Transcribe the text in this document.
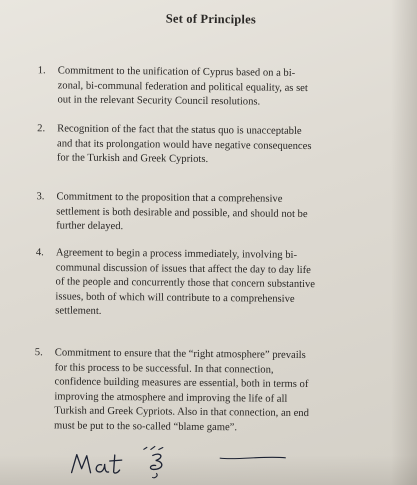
Set of Principles
1.	Commitment to the unification of Cyprus based on a bi-
zonal, bi-communal federation and political equality, as set
out in the relevant Security Council resolutions.
2.	Recognition of the fact that the status quo is unacceptable
and that its prolongation would have negative consequences
for the Turkish and Greek Cypriots.
3.	Commitment to the proposition that a comprehensive
settlement is both desirable and possible, and should not be
further delayed.
4.	Agreement to begin a process immediately, involving bi-
communal discussion of issues that affect the day to day life
of the people and concurrently those that concern substantive
issues, both of which will contribute to a comprehensive
settlement.
5.	Commitment to ensure that the “right atmosphere” prevails
for this process to be successful. In that connection,
confidence building measures are essential, both in terms of
improving the atmosphere and improving the life of all
Turkish and Greek Cypriots. Also in that connection, an end
must be put to the so-called “blame game”.
